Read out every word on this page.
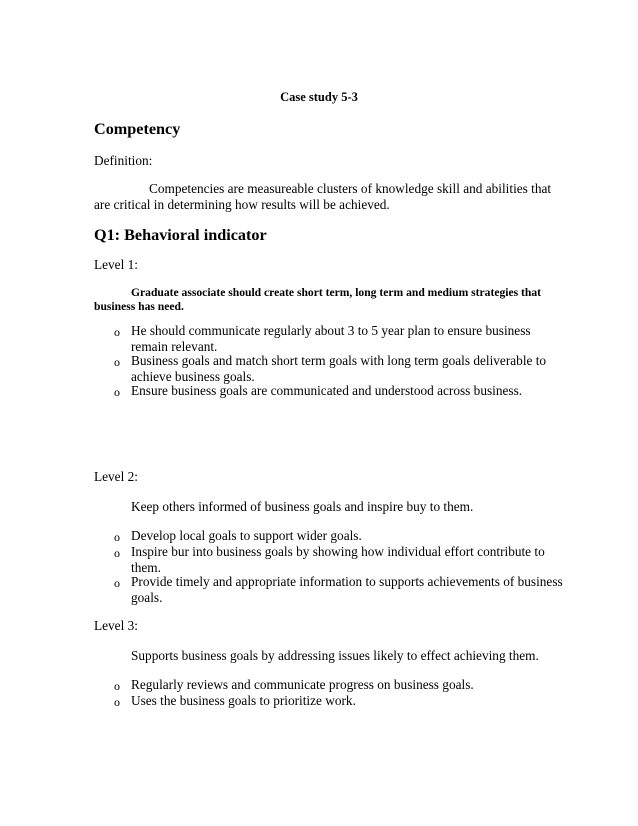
Case study 5-3
Competency
Definition:
Competencies are measureable clusters of knowledge skill and abilities that
are critical in determining how results will be achieved.
Q1: Behavioral indicator
Level 1:
Graduate associate should create short term, long term and medium strategies that
business has need.
o He should communicate regularly about 3 to 5 year plan to ensure business
remain relevant.
o Business goals and match short term goals with long term goals deliverable to
achieve business goals.
o Ensure business goals are communicated and understood across business.
Level 2:
Keep others informed of business goals and inspire buy to them.
o Develop local goals to support wider goals.
o Inspire bur into business goals by showing how individual effort contribute to
them.
o Provide timely and appropriate information to supports achievements of business
goals.
Level 3:
Supports business goals by addressing issues likely to effect achieving them.
o Regularly reviews and communicate progress on business goals.
o Uses the business goals to prioritize work.
